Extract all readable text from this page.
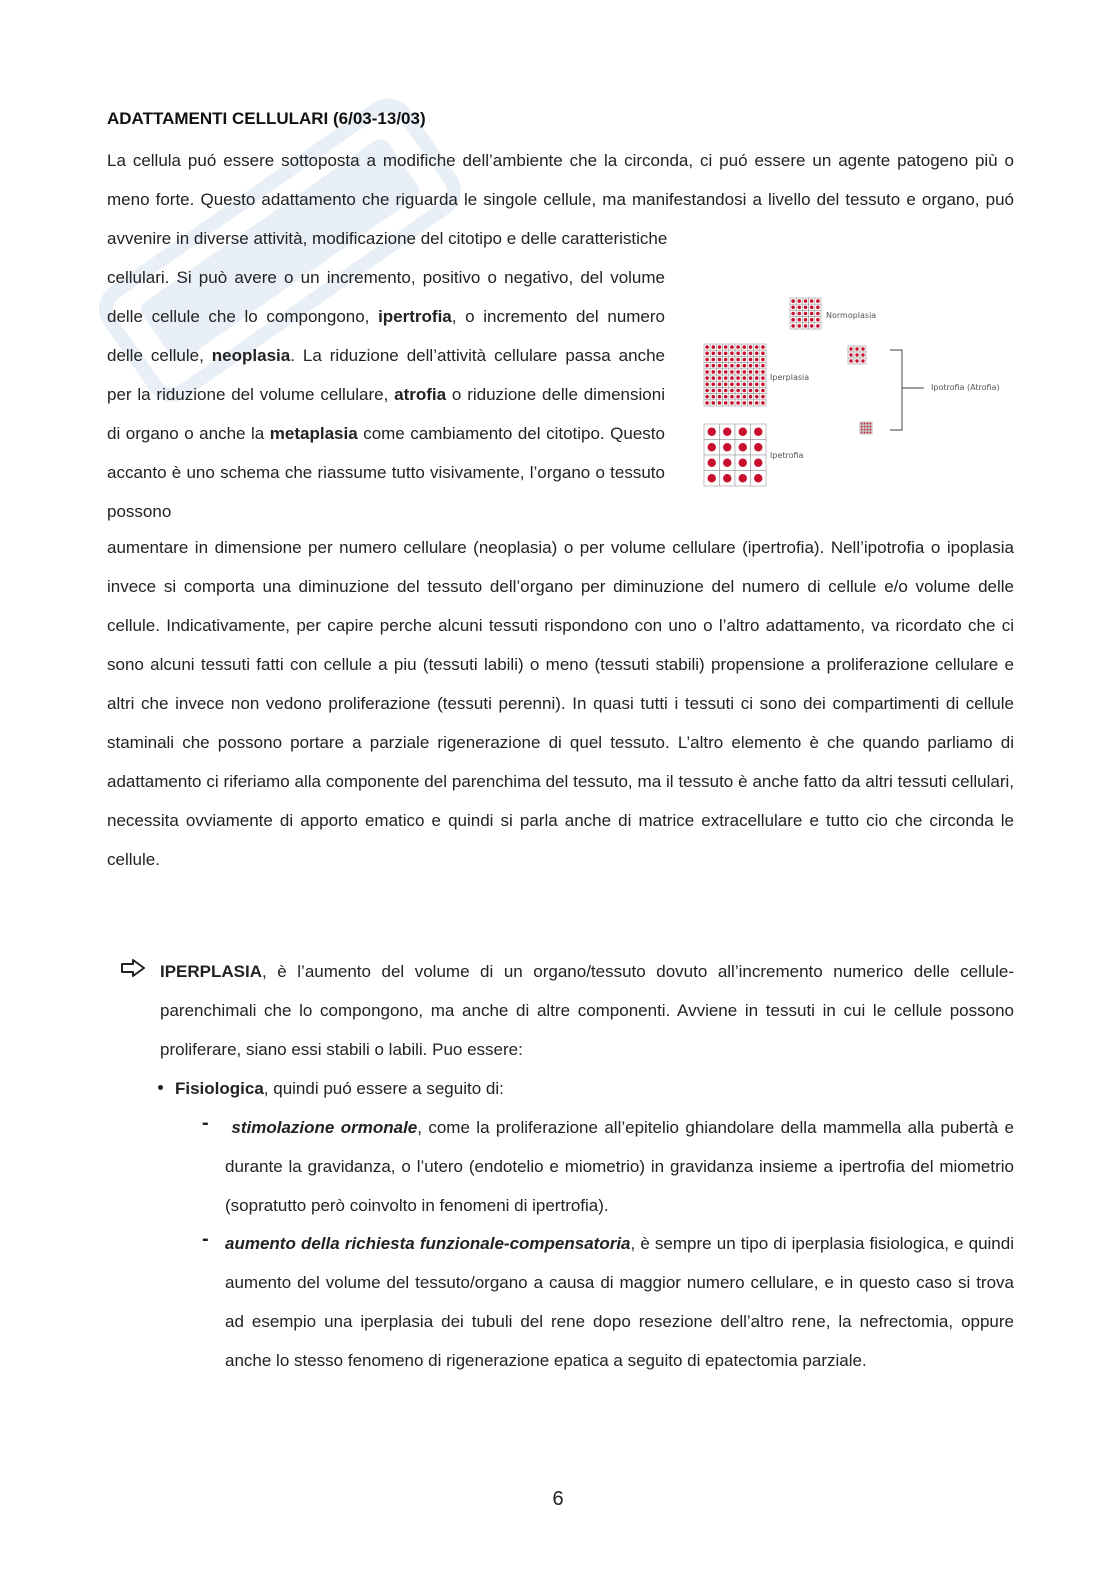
ADATTAMENTI CELLULARI (6/03-13/03)

La cellula puó essere sottoposta a modifiche dell’ambiente che la circonda, ci puó essere un agente patogeno più o meno forte. Questo adattamento che riguarda le singole cellule, ma manifestandosi a livello del tessuto e organo, puó avvenire in diverse attività, modificazione del citotipo e delle caratteristiche

cellulari. Si può avere o un incremento, positivo o negativo, del volume delle cellule che lo compongono, ipertrofia, o incremento del numero delle cellule, neoplasia. La riduzione dell’attività cellulare passa anche per la riduzione del volume cellulare, atrofia o riduzione delle dimensioni di organo o anche la metaplasia come cambiamento del citotipo. Questo accanto è uno schema che riassume tutto visivamente, l’organo o tessuto possono

Normoplasia
Iperplasia
Ipetrofia
Ipotrofia (Atrofia)

aumentare in dimensione per numero cellulare (neoplasia) o per volume cellulare (ipertrofia). Nell’ipotrofia o ipoplasia invece si comporta una diminuzione del tessuto dell’organo per diminuzione del numero di cellule e/o volume delle cellule. Indicativamente, per capire perche alcuni tessuti rispondono con uno o l’altro adattamento, va ricordato che ci sono alcuni tessuti fatti con cellule a piu (tessuti labili) o meno (tessuti stabili) propensione a proliferazione cellulare e altri che invece non vedono proliferazione (tessuti perenni). In quasi tutti i tessuti ci sono dei compartimenti di cellule staminali che possono portare a parziale rigenerazione di quel tessuto. L’altro elemento è che quando parliamo di adattamento ci riferiamo alla componente del parenchima del tessuto, ma il tessuto è anche fatto da altri tessuti cellulari, necessita ovviamente di apporto ematico e quindi si parla anche di matrice extracellulare e tutto cio che circonda le cellule.

IPERPLASIA, è l’aumento del volume di un organo/tessuto dovuto all’incremento numerico delle cellule-parenchimali che lo compongono, ma anche di altre componenti. Avviene in tessuti in cui le cellule possono proliferare, siano essi stabili o labili. Puo essere:

Fisiologica, quindi puó essere a seguito di:

-	stimolazione ormonale, come la proliferazione all’epitelio ghiandolare della mammella alla pubertà e durante la gravidanza, o l’utero (endotelio e miometrio) in gravidanza insieme a ipertrofia del miometrio (sopratutto però coinvolto in fenomeni di ipertrofia).

- aumento della richiesta funzionale-compensatoria, è sempre un tipo di iperplasia fisiologica, e quindi aumento del volume del tessuto/organo a causa di maggior numero cellulare, e in questo caso si trova ad esempio una iperplasia dei tubuli del rene dopo resezione dell’altro rene, la nefrectomia, oppure anche lo stesso fenomeno di rigenerazione epatica a seguito di epatectomia parziale.

6
